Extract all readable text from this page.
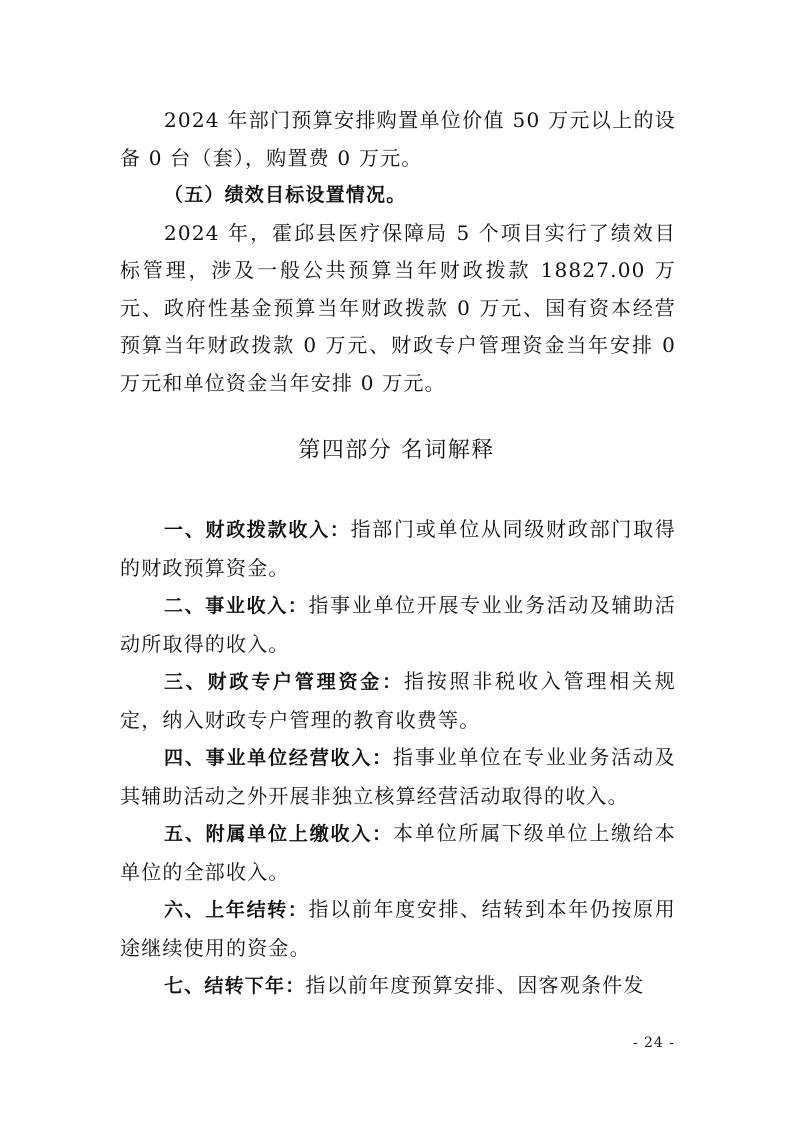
2024 年部门预算安排购置单位价值 50 万元以上的设备 0 台（套），购置费 0 万元。

（五）绩效目标设置情况。

2024 年，霍邱县医疗保障局 5 个项目实行了绩效目标管理，涉及一般公共预算当年财政拨款 18827.00 万元、政府性基金预算当年财政拨款 0 万元、国有资本经营预算当年财政拨款 0 万元、财政专户管理资金当年安排 0 万元和单位资金当年安排 0 万元。

第四部分 名词解释

一、财政拨款收入：指部门或单位从同级财政部门取得的财政预算资金。

二、事业收入：指事业单位开展专业业务活动及辅助活动所取得的收入。

三、财政专户管理资金：指按照非税收入管理相关规定，纳入财政专户管理的教育收费等。

四、事业单位经营收入：指事业单位在专业业务活动及其辅助活动之外开展非独立核算经营活动取得的收入。

五、附属单位上缴收入：本单位所属下级单位上缴给本单位的全部收入。

六、上年结转：指以前年度安排、结转到本年仍按原用途继续使用的资金。

七、结转下年：指以前年度预算安排、因客观条件发

- 24 -
